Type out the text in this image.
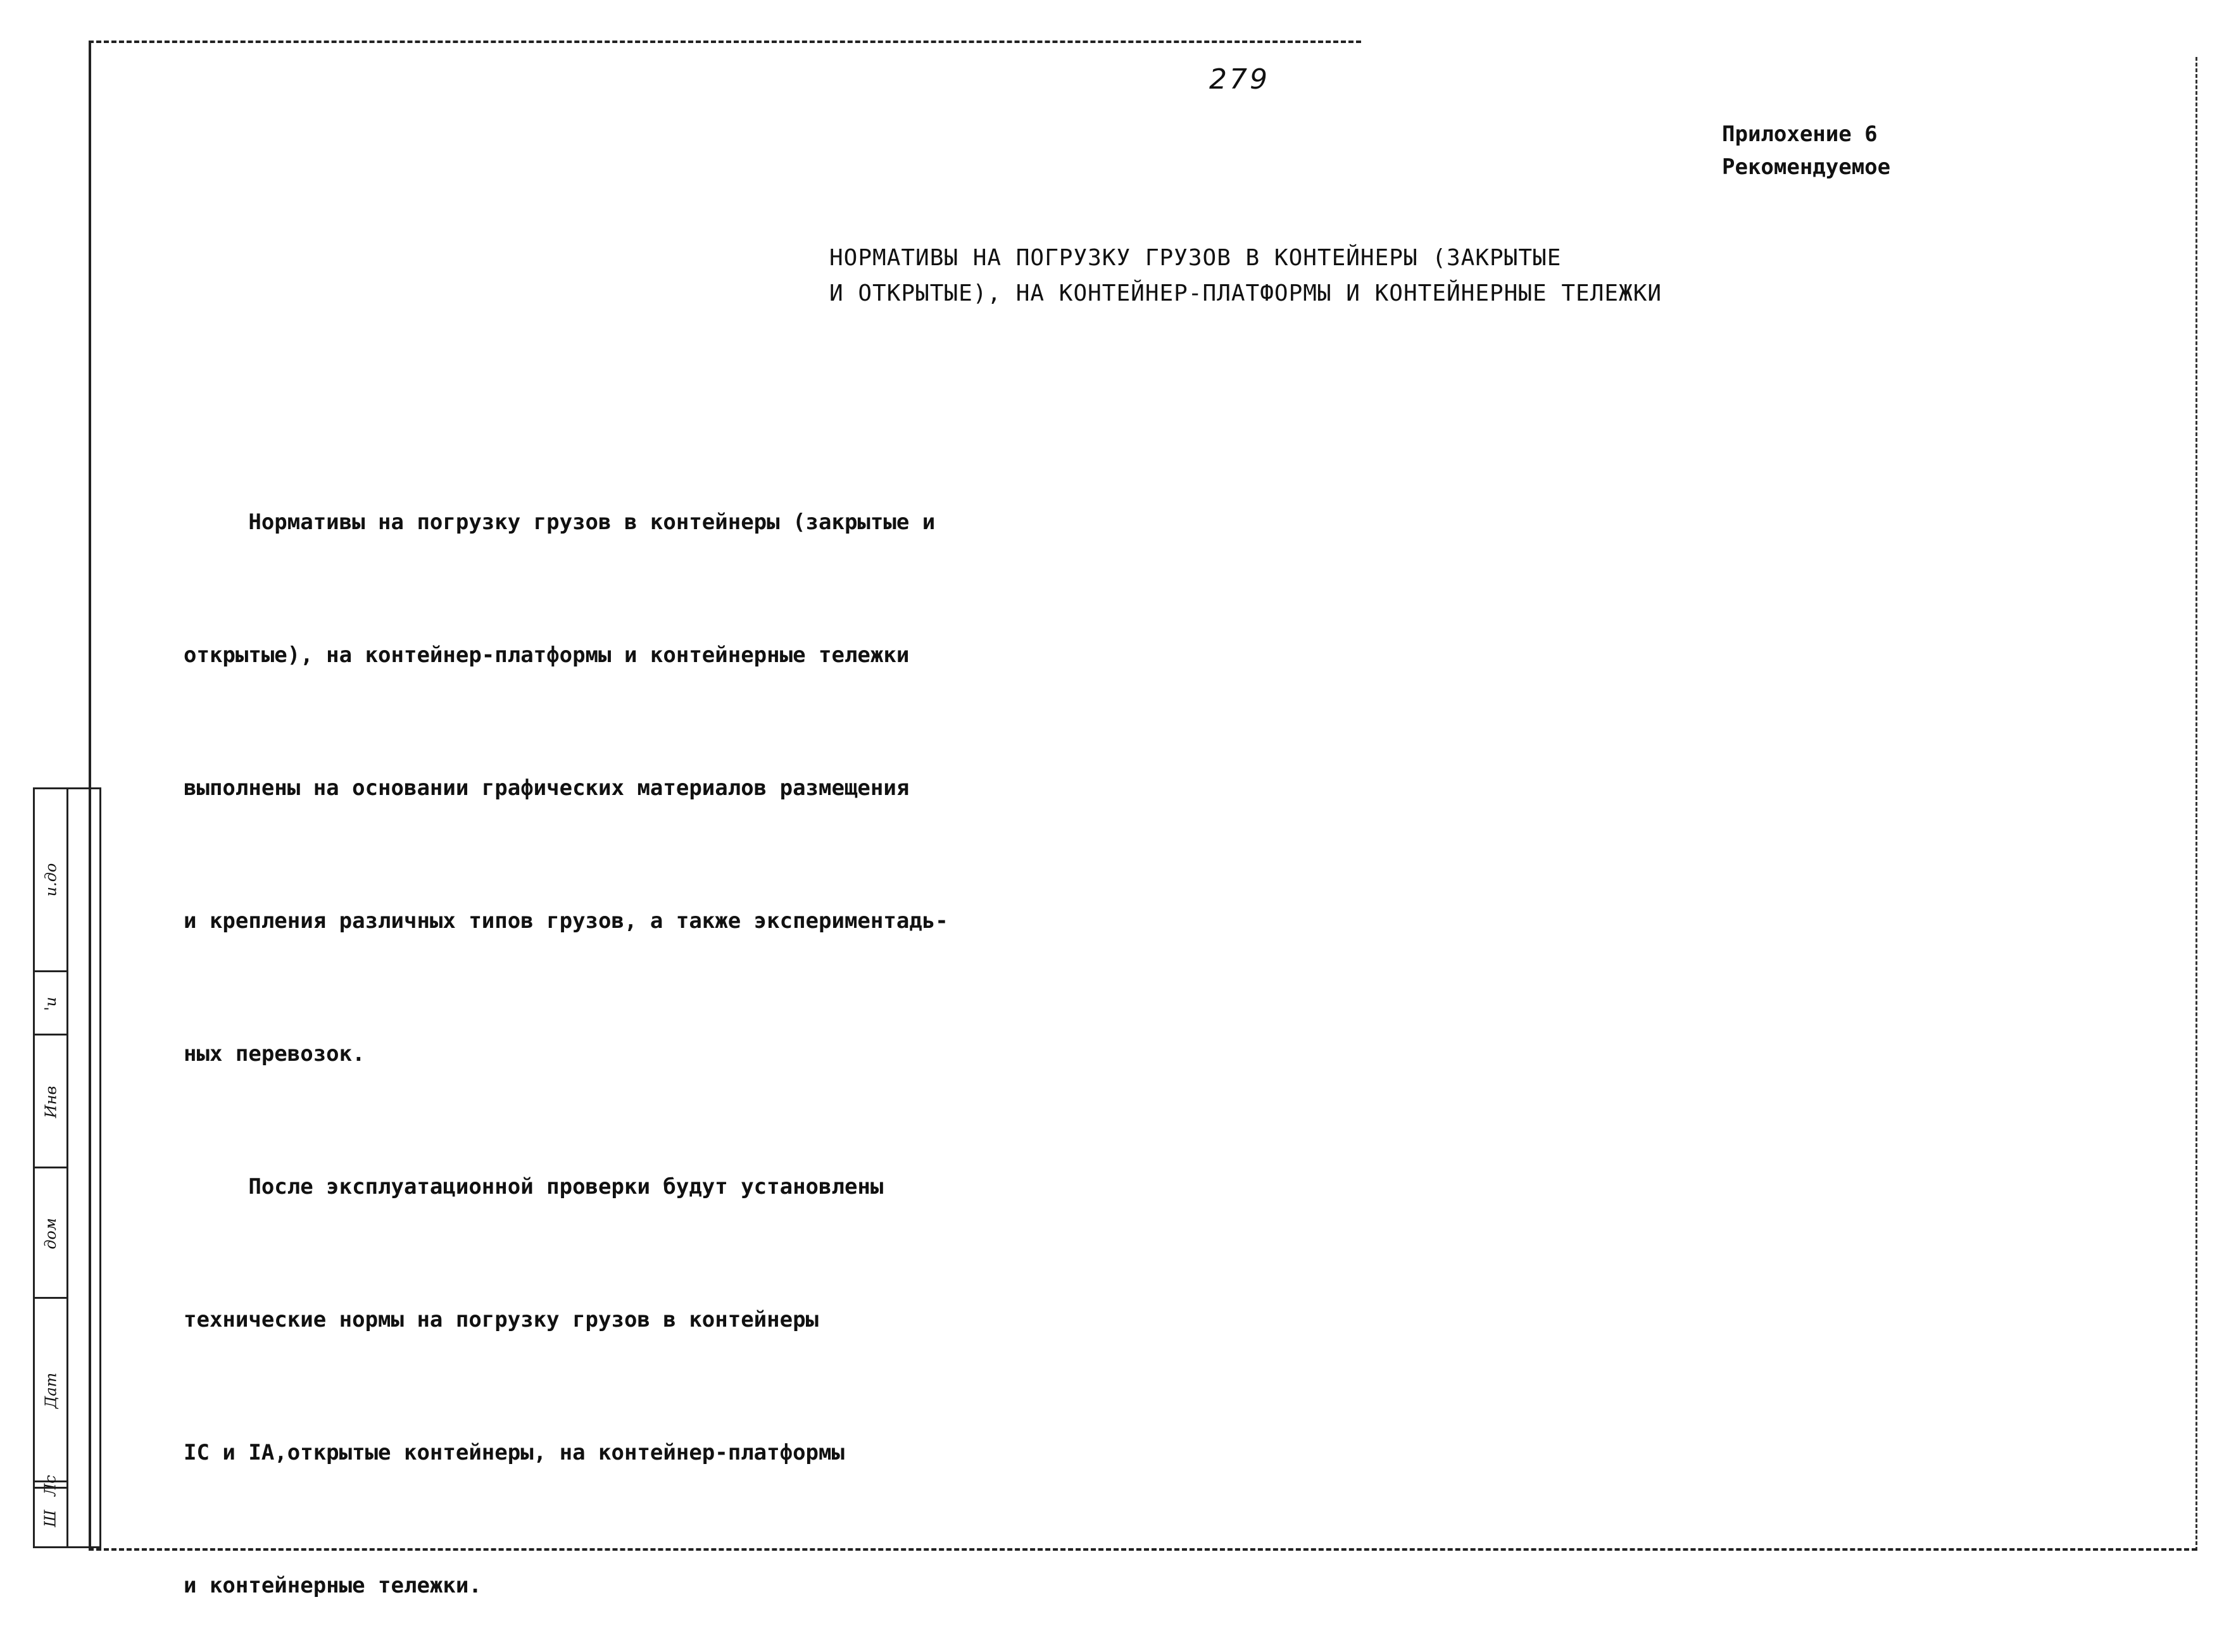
279
Прилохение 6
Рекомендуемое
НОРМАТИВЫ НА ПОГРУЗКУ ГРУЗОВ В КОНТЕЙНЕРЫ (ЗАКРЫТЫЕ
И ОТКРЫТЫЕ), НА КОНТЕЙНЕР-ПЛАТФОРМЫ И КОНТЕЙНЕРНЫЕ ТЕЛЕЖКИ

Нормативы на погрузку грузов в контейнеры (закрытые и

открытые), на контейнер-платформы и контейнерные тележки

выполнены на основании графических материалов размещения

и крепления различных типов грузов, а также экспериментадь-

ных перевозок.

После эксплуатационной проверки будут установлены

технические нормы на погрузку грузов в контейнеры

IC и IA,открытые контейнеры, на контейнер-платформы

и контейнерные тележки.

и.до
'и
Инв
дом
Дат
Лс
Ш
